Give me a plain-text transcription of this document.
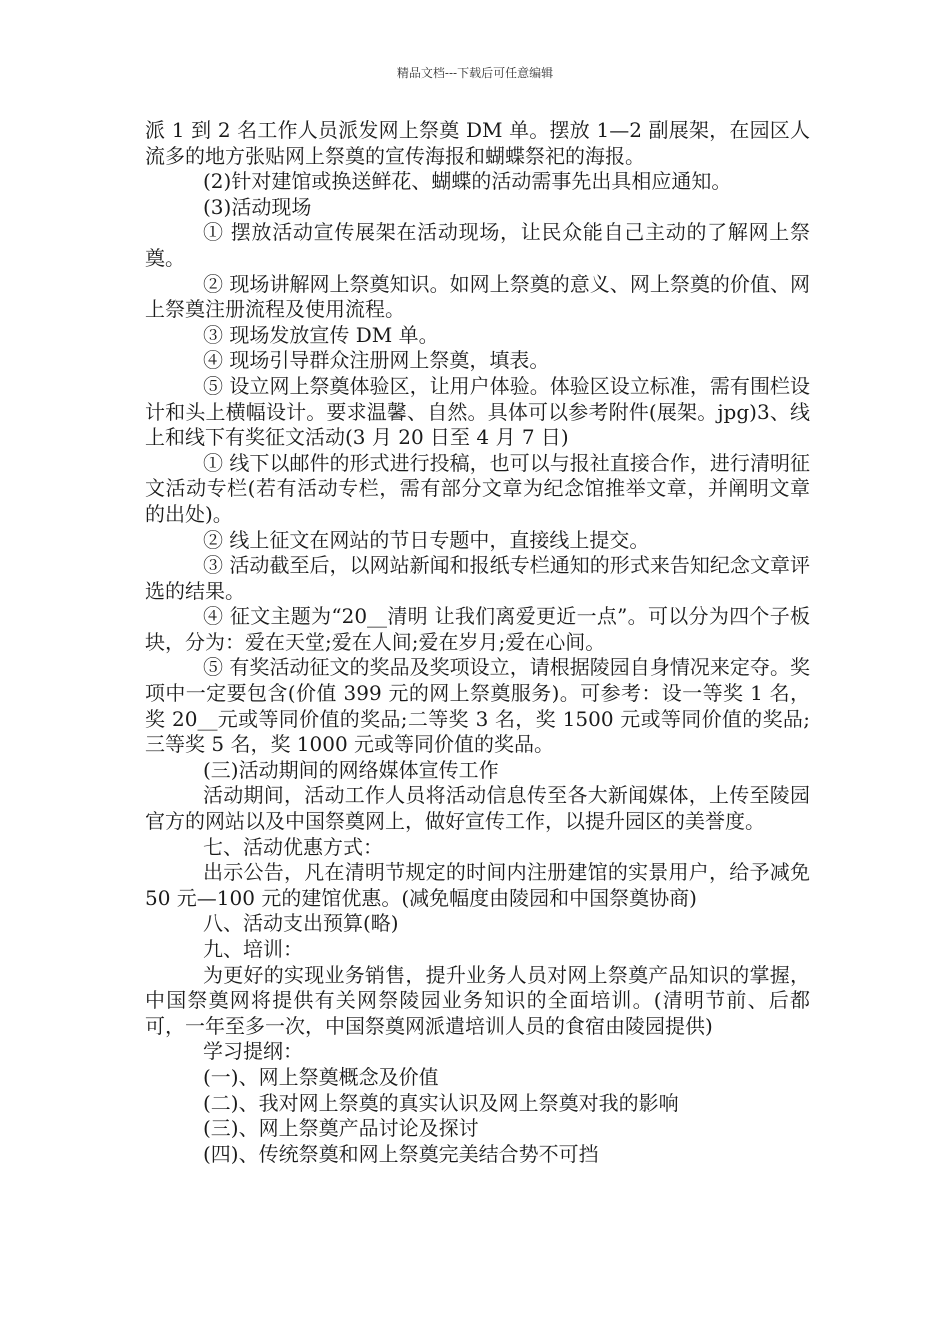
精品文档---下载后可任意编辑

派 1 到 2 名工作人员派发网上祭奠 DM 单。摆放 1—2 副展架，在园区人流多的地方张贴网上祭奠的宣传海报和蝴蝶祭祀的海报。

(2)针对建馆或换送鲜花、蝴蝶的活动需事先出具相应通知。

(3)活动现场

① 摆放活动宣传展架在活动现场，让民众能自己主动的了解网上祭奠。

② 现场讲解网上祭奠知识。如网上祭奠的意义、网上祭奠的价值、网上祭奠注册流程及使用流程。

③ 现场发放宣传 DM 单。

④ 现场引导群众注册网上祭奠，填表。

⑤ 设立网上祭奠体验区，让用户体验。体验区设立标准，需有围栏设计和头上横幅设计。要求温馨、自然。具体可以参考附件(展架。jpg)3、线上和线下有奖征文活动(3 月 20 日至 4 月 7 日)

① 线下以邮件的形式进行投稿，也可以与报社直接合作，进行清明征文活动专栏(若有活动专栏，需有部分文章为纪念馆推举文章，并阐明文章的出处)。

② 线上征文在网站的节日专题中，直接线上提交。

③ 活动截至后，以网站新闻和报纸专栏通知的形式来告知纪念文章评选的结果。

④ 征文主题为“20__清明 让我们离爱更近一点”。可以分为四个子板块，分为：爱在天堂;爱在人间;爱在岁月;爱在心间。

⑤ 有奖活动征文的奖品及奖项设立，请根据陵园自身情况来定夺。奖项中一定要包含(价值 399 元的网上祭奠服务)。可参考：设一等奖 1 名，奖 20__元或等同价值的奖品;二等奖 3 名，奖 1500 元或等同价值的奖品;三等奖 5 名，奖 1000 元或等同价值的奖品。

(三)活动期间的网络媒体宣传工作

活动期间，活动工作人员将活动信息传至各大新闻媒体，上传至陵园官方的网站以及中国祭奠网上，做好宣传工作，以提升园区的美誉度。

七、活动优惠方式：

出示公告，凡在清明节规定的时间内注册建馆的实景用户，给予减免 50 元—100 元的建馆优惠。(减免幅度由陵园和中国祭奠协商)

八、活动支出预算(略)

九、培训：

为更好的实现业务销售，提升业务人员对网上祭奠产品知识的掌握，中国祭奠网将提供有关网祭陵园业务知识的全面培训。(清明节前、后都可，一年至多一次，中国祭奠网派遣培训人员的食宿由陵园提供)

学习提纲：

(一)、网上祭奠概念及价值

(二)、我对网上祭奠的真实认识及网上祭奠对我的影响

(三)、网上祭奠产品讨论及探讨

(四)、传统祭奠和网上祭奠完美结合势不可挡
